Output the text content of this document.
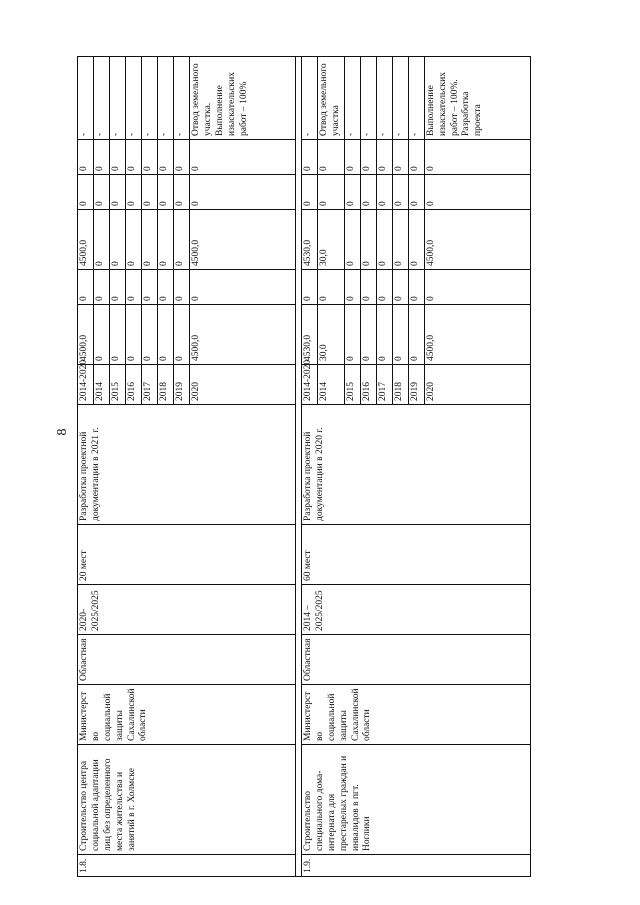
8
1.8.	Строительство центра социальной адаптации лиц без определенного места жительства и занятий в г. Холмске	Министерство социальной защиты Сахалинской области	Областная	2020-2025/2025	20 мест	Разработка проектной документации в 2021 г.	2014-2020	4500,0	0	4500,0	0	0	-
							2014	0	0	0	0	0	-
							2015	0	0	0	0	0	-
							2016	0	0	0	0	0	-
							2017	0	0	0	0	0	-
							2018	0	0	0	0	0	-
							2019	0	0	0	0	0	-
							2020	4500,0	0	4500,0	0	0	Отвод земельного участка. Выполнение изыскательских работ – 100%

1.9.	Строительство специального дома-интерната для престарелых граждан и инвалидов в пгт. Ноглики	Министерство социальной защиты Сахалинской области	Областная	2014 – 2025/2025	60 мест	Разработка проектной документации в 2020 г.	2014-2020	4530,0	0	4530,0	0	0	-
							2014	30,0	0	30,0	0	0	Отвод земельного участка
							2015	0	0	0	0	0	-
							2016	0	0	0	0	0	-
							2017	0	0	0	0	0	-
							2018	0	0	0	0	0	-
							2019	0	0	0	0	0	-
							2020	4500,0	0	4500,0	0	0	Выполнение изыскательских работ – 100%. Разработка проекта
